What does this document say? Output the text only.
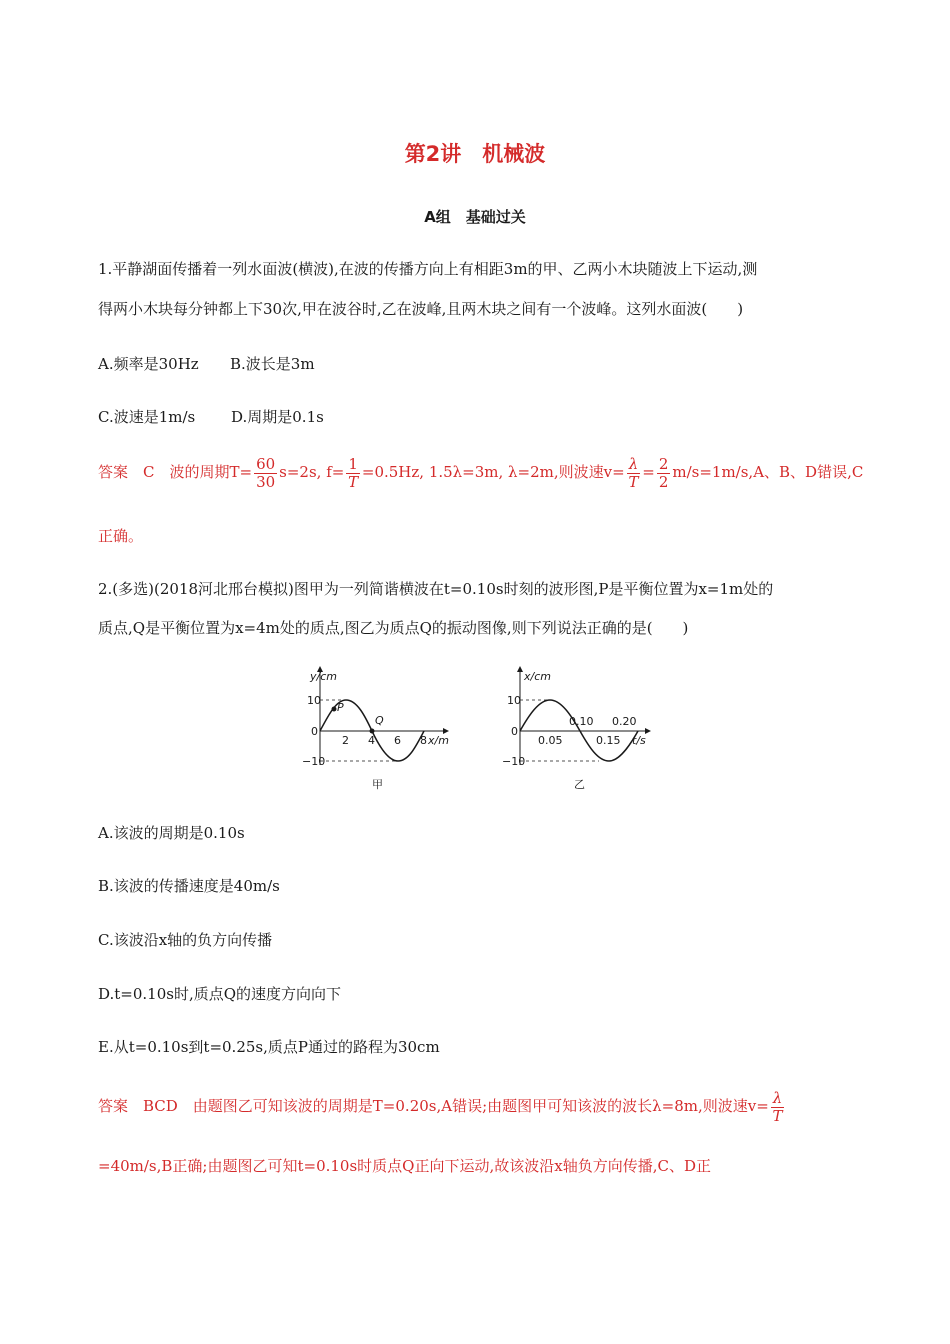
第2讲　机械波
A组　基础过关
1.平静湖面传播着一列水面波(横波),在波的传播方向上有相距3m的甲、乙两小木块随波上下运动,测
得两小木块每分钟都上下30次,甲在波谷时,乙在波峰,且两木块之间有一个波峰。这列水面波(　　)
A.频率是30Hz B.波长是3m
C.波速是1m/s D.周期是0.1s
答案　C　波的周期$T= \frac{60}{30} s=2s$, $f= \frac{1}{T} =0.5Hz$, 1.5λ=3m, λ=2m,则波速$v= \frac{\lambda}{T} = \frac{2}{2} m/s=1m/s,A$、B、D错误,C
正确。
2.(多选)(2018河北邢台模拟)图甲为一列简谐横波在t=0.10s时刻的波形图,P是平衡位置为x=1m处的
质点,Q是平衡位置为x=4m处的质点,图乙为质点Q的振动图像,则下列说法正确的是(　　)
y/cm
10
−10
0
2 4 6 8 x/m
P
Q
甲
x/cm
10
−10
0
0.05	0.15
0.10 0.20
t/s
乙
A.该波的周期是0.10s
B.该波的传播速度是40m/s
C.该波沿x轴的负方向传播
D.t=0.10s时,质点Q的速度方向向下
E.从t=0.10s到t=0.25s,质点P通过的路程为30cm
答案　BCD　由题图乙可知该波的周期是T=0.20s,A错误;由题图甲可知该波的波长λ=8m,则波速$v= \frac{\lambda}{T}$
=40m/s,B正确;由题图乙可知t=0.10s时质点Q正向下运动,故该波沿x轴负方向传播,C、D正
